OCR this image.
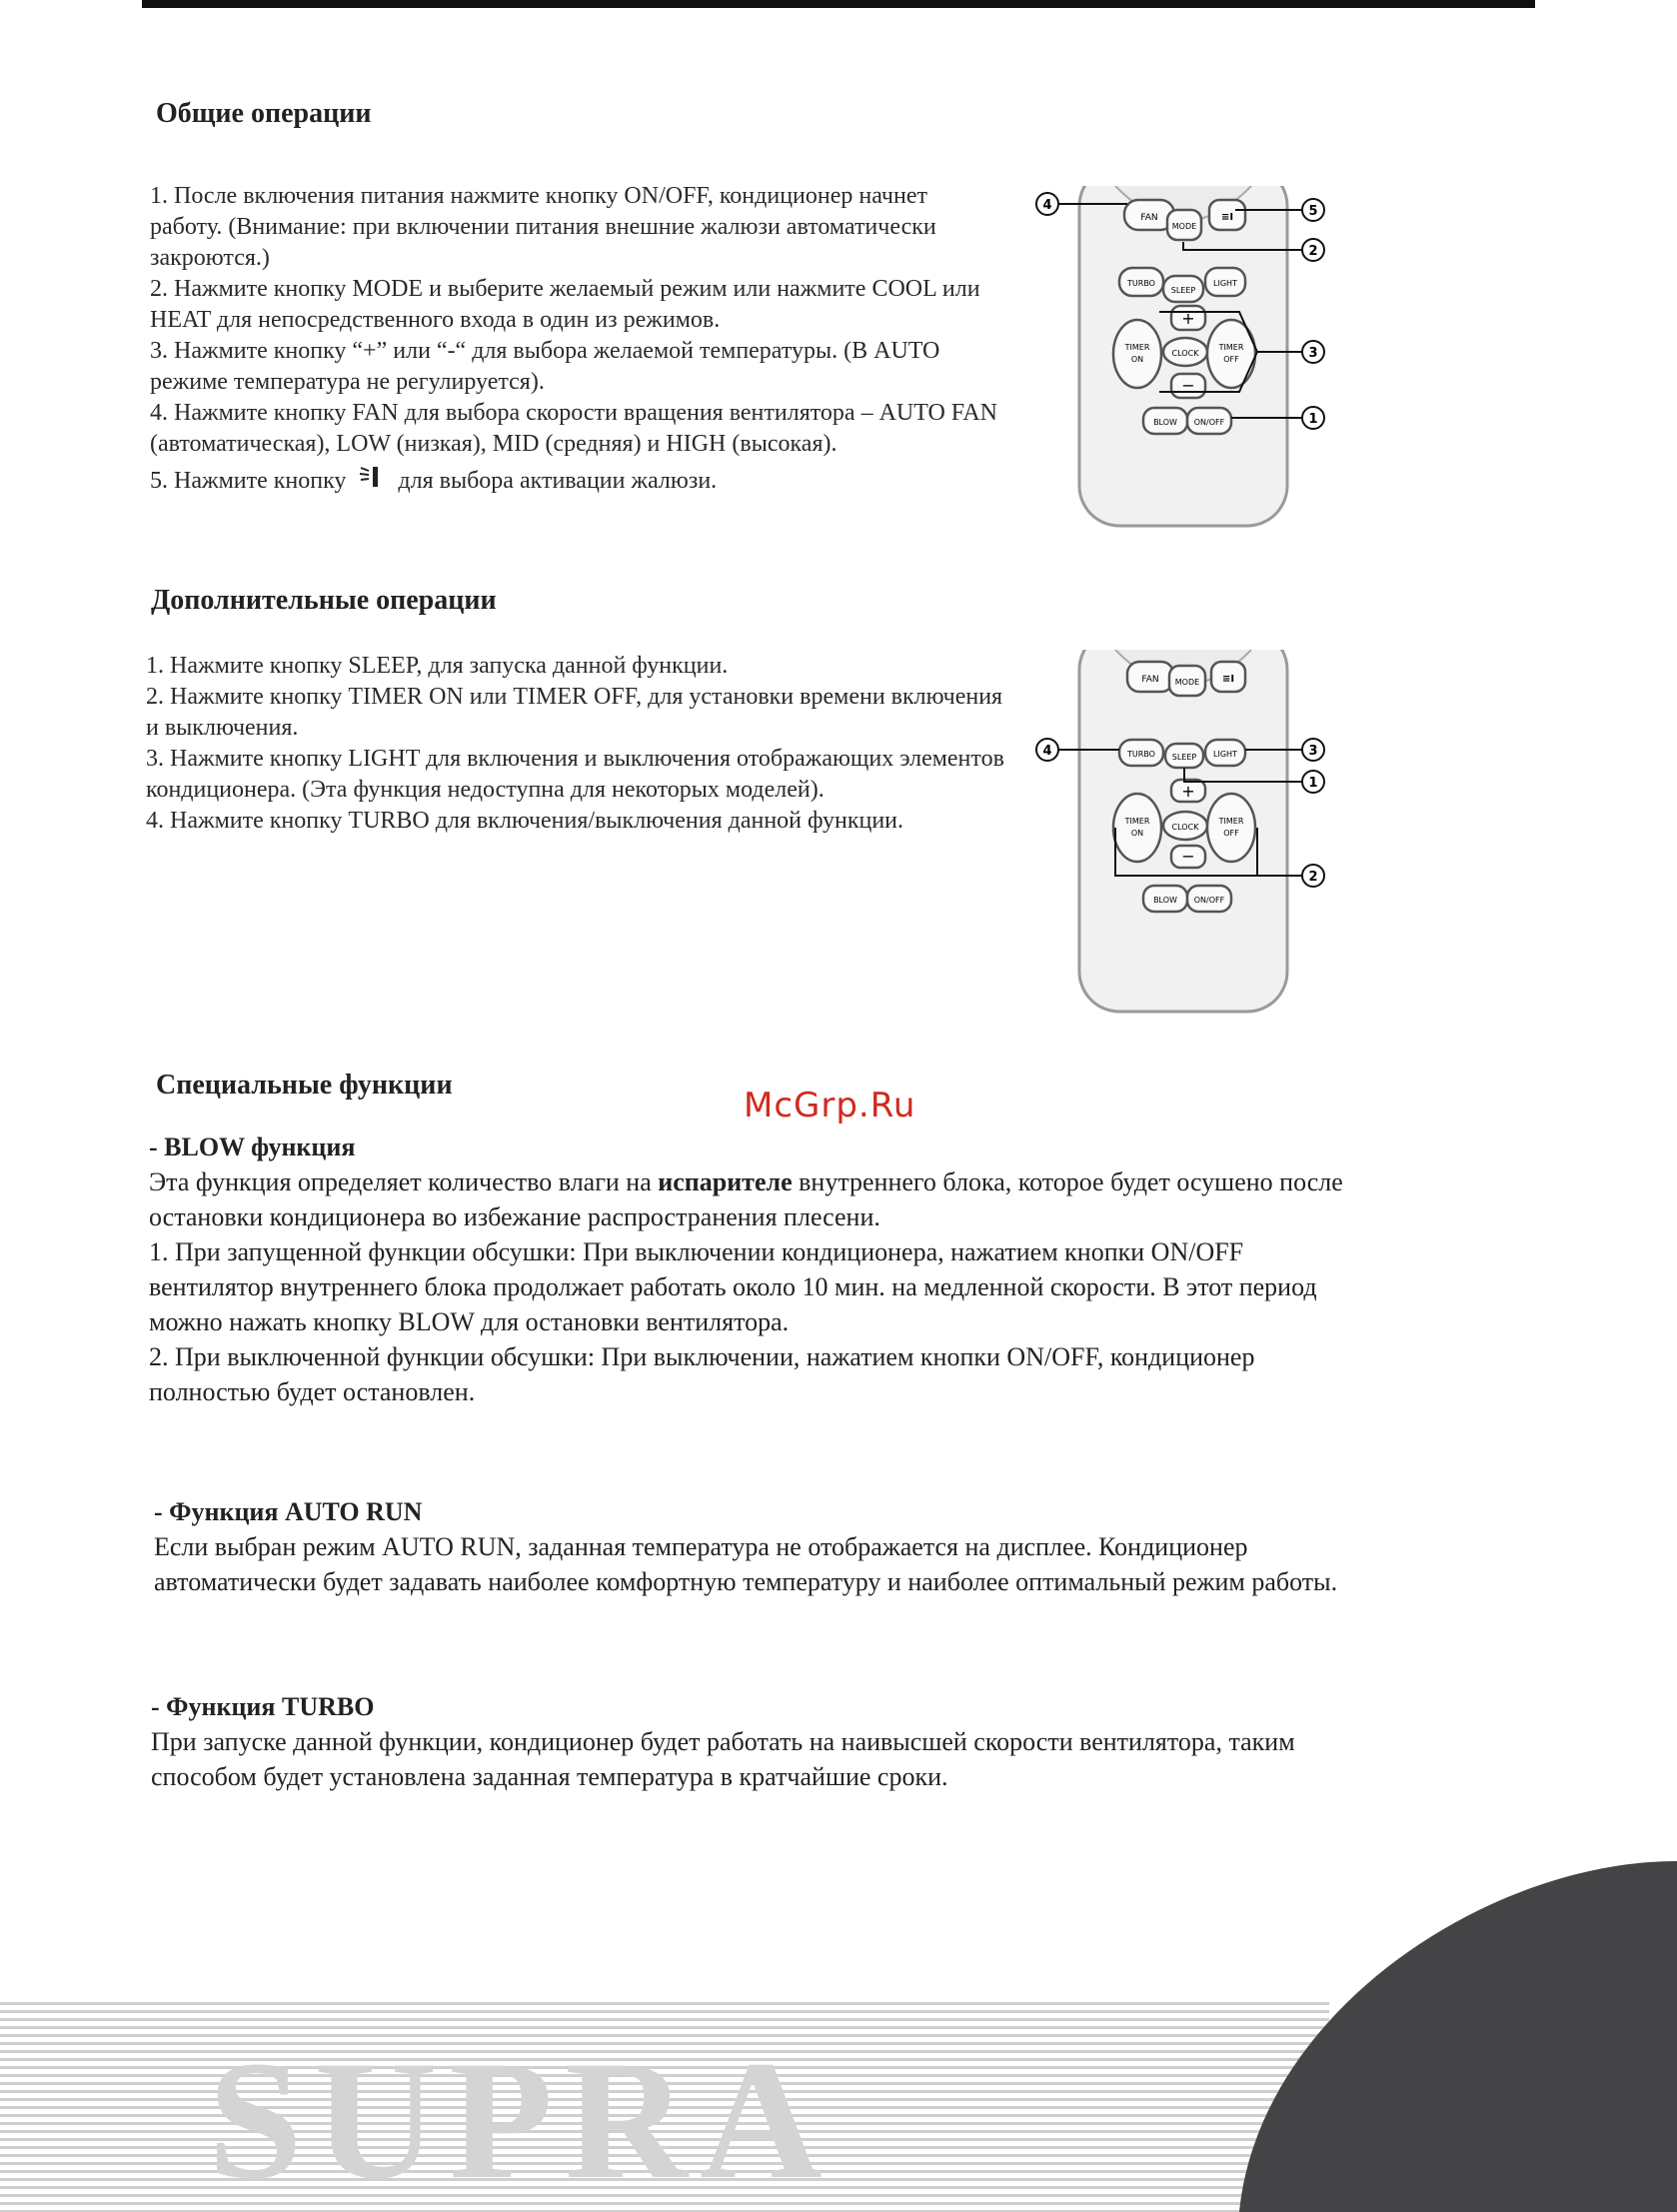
Общие операции

1. После включения питания нажмите кнопку ON/OFF, кондиционер начнет работу. (Внимание: при включении питания внешние жалюзи автоматически закроются.)

2. Нажмите кнопку MODE и выберите желаемый режим или нажмите COOL или HEAT для непосредственного входа в один из режимов.

3. Нажмите кнопку “+” или “-“ для выбора желаемой температуры. (В AUTO режиме температура не регулируется).

4. Нажмите кнопку FAN для выбора скорости вращения вентилятора – AUTO FAN (автоматическая), LOW (низкая), MID (средняя) и HIGH (высокая).

5. Нажмите кнопку для выбора активации жалюзи.

FAN
MODE
≡I
TURBO
SLEEP
LIGHT
+
TIMER
ON
CLOCK
TIMER
OFF
−
BLOW ON/OFF
4	5
2
3
1
Дополнительные операции

1. Нажмите кнопку SLEEP, для запуска данной функции.

2. Нажмите кнопку TIMER ON или TIMER OFF, для установки времени включения и выключения.

3. Нажмите кнопку LIGHT для включения и выключения отображающих элементов кондиционера. (Эта функция недоступна для некоторых моделей).

4. Нажмите кнопку TURBO для включения/выключения данной функции.

FAN MODE ≡I
TURBO SLEEP LIGHT
+
TIMER
ON
CLOCK
TIMER
OFF
−
BLOW ON/OFF
4	3
1
2
Специальные функции
McGrp.Ru

- BLOW функция

Эта функция определяет количество влаги на испарителе внутреннего блока, которое будет осушено после остановки кондиционера во избежание распространения плесени.

1. При запущенной функции обсушки: При выключении кондиционера, нажатием кнопки ON/OFF вентилятор внутреннего блока продолжает работать около 10 мин. на медленной скорости. В этот период можно нажать кнопку BLOW для остановки вентилятора.

2. При выключенной функции обсушки: При выключении, нажатием кнопки ON/OFF, кондиционер полностью будет остановлен.

- Функция AUTO RUN

Если выбран режим AUTO RUN, заданная температура не отображается на дисплее. Кондиционер автоматически будет задавать наиболее комфортную температуру и наиболее оптимальный режим работы.

- Функция TURBO

При запуске данной функции, кондиционер будет работать на наивысшей скорости вентилятора, таким способом будет установлена заданная температура в кратчайшие сроки.

SUPRA
